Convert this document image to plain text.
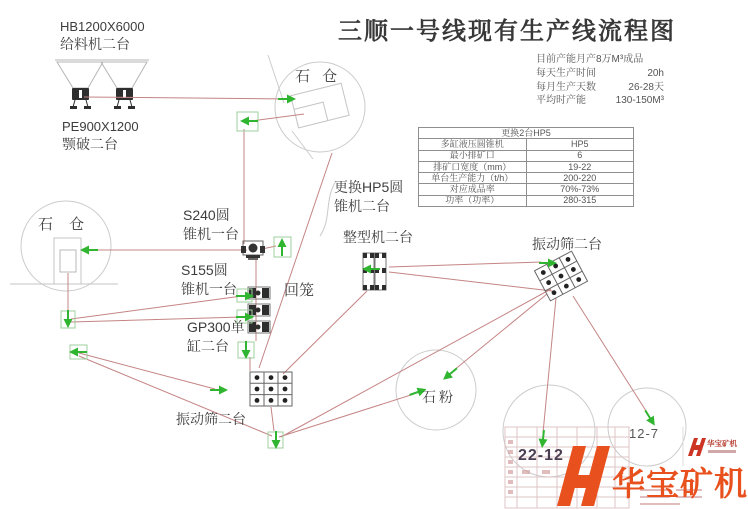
三顺一号线现有生产线流程图
目前产能月产8万M³成品
每天生产时间	20h
每月生产天数	26-28天
平均时产能	130-150M³
更换2台HP5	
多缸液压圆锥机	HP5
最小排矿口	6
排矿口宽度（mm）	19-22
单台生产能力（t/h）	200-220
对应成品率	70%-73%
功率（功率）	280-315
HB1200X6000
给料机二台
PE900X1200
颚破二台
石 仓
石 仓
S240圆
锥机一台
S155圆
锥机一台
GP300单
缸二台
更换HP5圆
锥机二台
回笼
整型机二台	振动筛二台
振动筛二台
石粉
22-12
12-7
华宝矿机
华宝矿机
